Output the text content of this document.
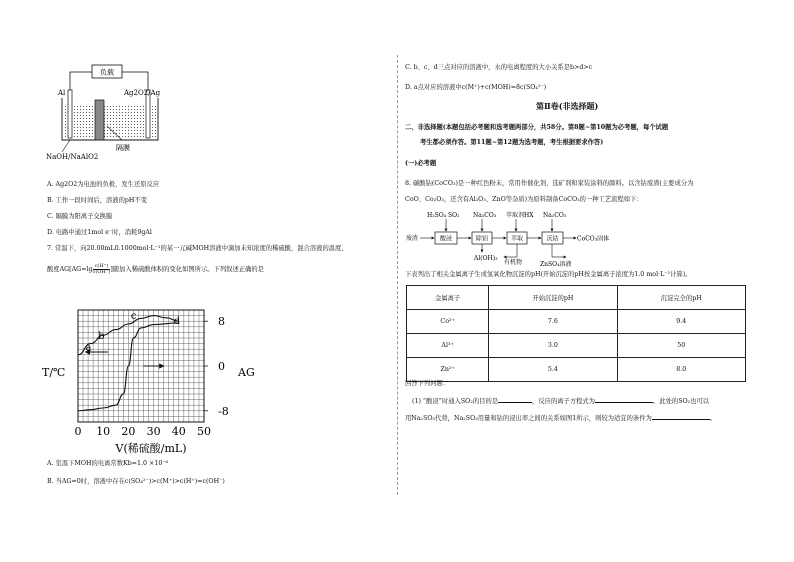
负载
Al	Ag2O2/Ag
隔膜
NaOH/NaAlO2
A. Ag2O2为电池的负极，发生还原反应
B. 工作一段时间后，溶液的pH不变
C. 隔膜为阳离子交换膜
D. 电路中通过1mol e⁻时，消耗9gAl
7. 常温下，向20.00mL0.1000mol·L⁻¹的某一元碱MOH溶液中滴加未知浓度的稀硫酸，混合溶液的温度、
酸度$AG[AG=\lg \frac{c(H^+)}{c(OH^-)}$ ]随加入稀硫酸体积的变化如图所示。下列叙述正确的是
0 10 20 30 40 50
8
0
-8
T/℃	AG
V(稀硫酸/mL)
a
b
c	d
A. 室温下MOH的电离常数Kb=1.0 ×10⁻⁶
B. 当AG=0时，溶液中存在c(SO₄²⁻)>c(M⁺)>c(H⁺)=c(OH⁻)
C. b、c、d三点对应的溶液中，水的电离程度的大小关系是b>d>c
D. a点对应的溶液中c(M⁺)+c(MOH)=8c(SO₄²⁻)
第Ⅱ卷(非选择题)
二、非选择题(本题包括必考题和选考题两部分，共58分。第8题~第10题为必考题，每个试题
考生都必须作答。第11题~第12题为选考题，考生根据要求作答)
(一)必考题
8. 碳酸钴(CoCO₃)是一种红色粉末，常用作催化剂、选矿剂和家装涂料的颜料。以含钴废渣(主要成分为
CoO、Co₂O₃，还含有Al₂O₃、ZnO等杂质)为原料制备CoCO₃的一种工艺流程如下：
H₂SO₄ SO₂ Na₂CO₃ 萃取剂HX Na₂CO₃
废渣	酸浸	除铝	萃取	沉钴	CoCO₃固体
Al(OH)₃
有机物	ZnSO₄溶液
下表列出了相关金属离子生成氢氧化物沉淀的pH(开始沉淀的pH按金属离子浓度为1.0 mol·L⁻¹计算)。
金属离子	开始沉淀的pH	沉淀完全的pH
Co²⁺	7.6	9.4
Al³⁺	3.0	50
Zn²⁺	5.4	8.0
回答下列问题：
(1) “酸浸”时通入SO₂的目的是	，反应的离子方程式为	。此处的SO₂也可以
用Na₂SO₃代替，Na₂SO₃用量和钴的浸出率之间的关系如图1所示，则较为适宜的条件为	。
